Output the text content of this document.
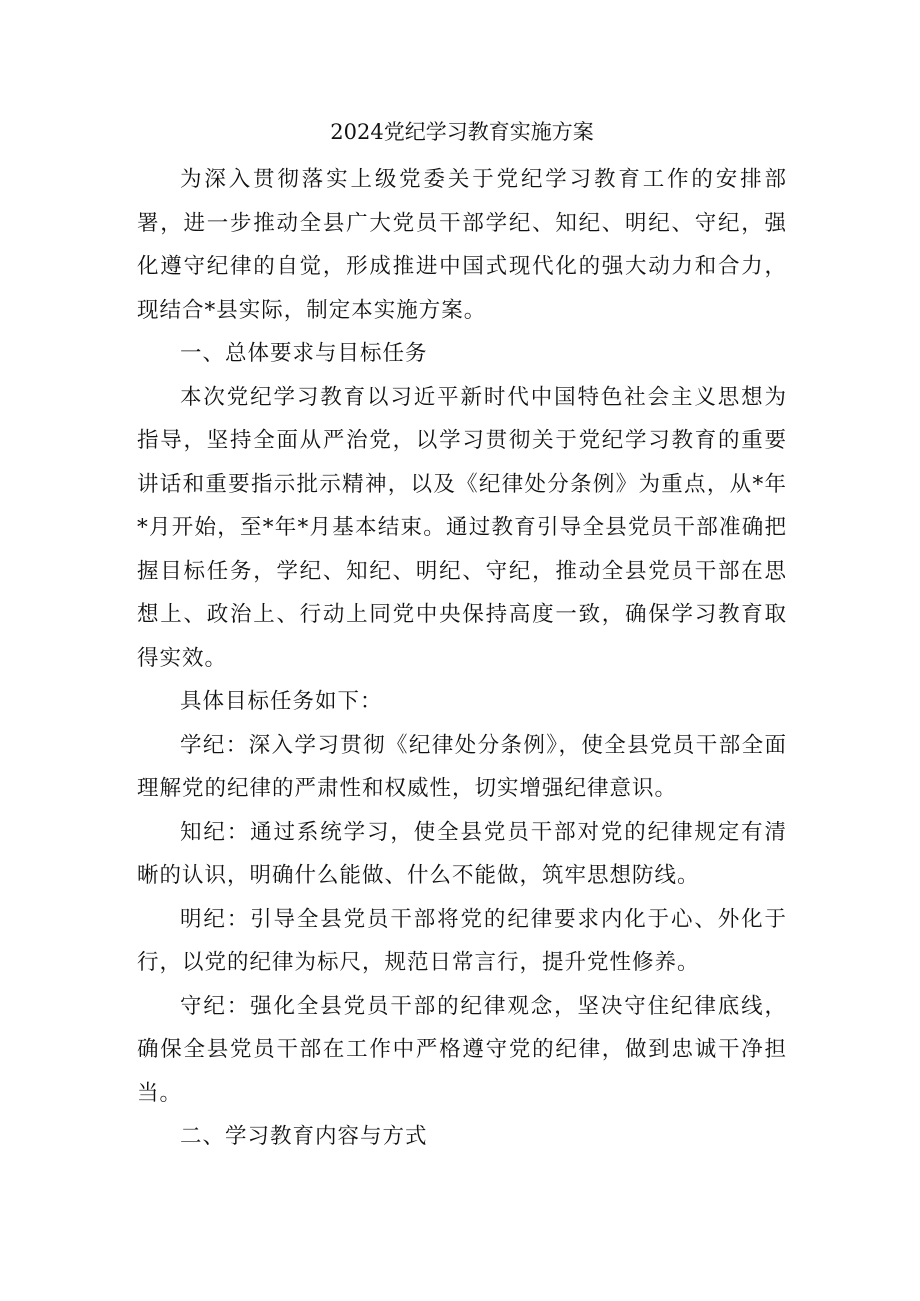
2024党纪学习教育实施方案

为深入贯彻落实上级党委关于党纪学习教育工作的安排部署，进一步推动全县广大党员干部学纪、知纪、明纪、守纪，强化遵守纪律的自觉，形成推进中国式现代化的强大动力和合力，现结合*县实际，制定本实施方案。

一、总体要求与目标任务

本次党纪学习教育以习近平新时代中国特色社会主义思想为指导，坚持全面从严治党，以学习贯彻关于党纪学习教育的重要讲话和重要指示批示精神，以及《纪律处分条例》为重点，从*年*月开始，至*年*月基本结束。通过教育引导全县党员干部准确把握目标任务，学纪、知纪、明纪、守纪，推动全县党员干部在思想上、政治上、行动上同党中央保持高度一致，确保学习教育取得实效。

具体目标任务如下：

学纪：深入学习贯彻《纪律处分条例》，使全县党员干部全面理解党的纪律的严肃性和权威性，切实增强纪律意识。

知纪：通过系统学习，使全县党员干部对党的纪律规定有清晰的认识，明确什么能做、什么不能做，筑牢思想防线。

明纪：引导全县党员干部将党的纪律要求内化于心、外化于行，以党的纪律为标尺，规范日常言行，提升党性修养。

守纪：强化全县党员干部的纪律观念，坚决守住纪律底线，确保全县党员干部在工作中严格遵守党的纪律，做到忠诚干净担当。

二、学习教育内容与方式
